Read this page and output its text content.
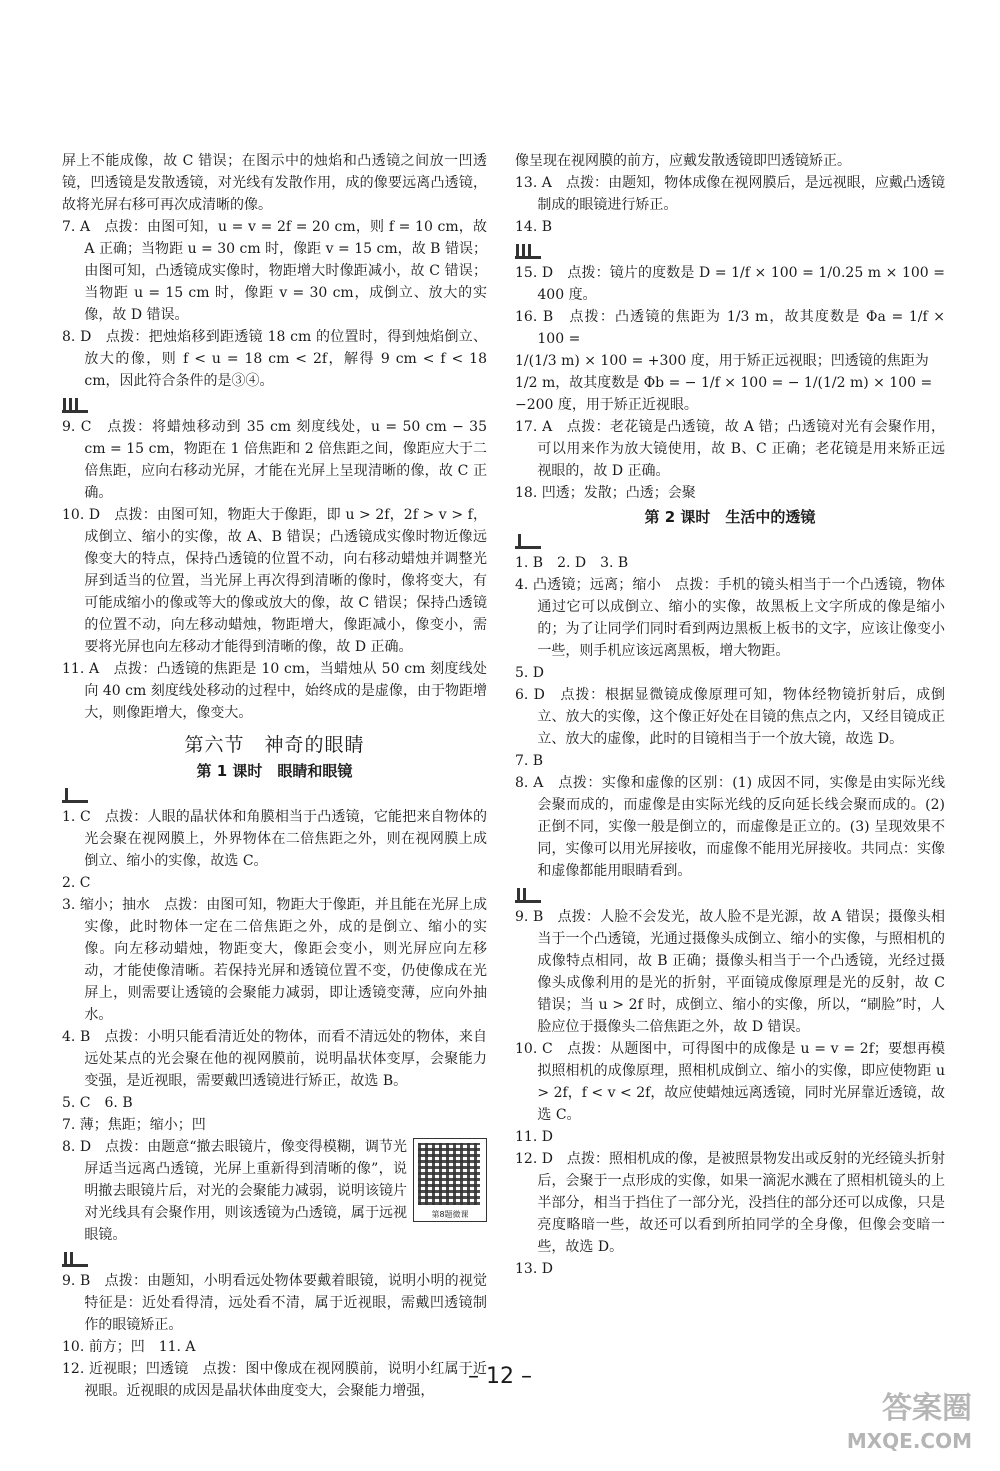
屏上不能成像，故 C 错误；在图示中的烛焰和凸透镜之间放一凹透镜，凹透镜是发散透镜，对光线有发散作用，成的像要远离凸透镜，故将光屏右移可再次成清晰的像。

7. A　点拨：由图可知，u = v = 2f = 20 cm，则 f = 10 cm，故 A 正确；当物距 u = 30 cm 时，像距 v = 15 cm，故 B 错误；由图可知，凸透镜成实像时，物距增大时像距减小，故 C 错误；当物距 u = 15 cm 时，像距 v = 30 cm，成倒立、放大的实像，故 D 错误。

8. D　点拨：把烛焰移到距透镜 18 cm 的位置时，得到烛焰倒立、放大的像，则 f < u = 18 cm < 2f，解得 9 cm < f < 18 cm，因此符合条件的是③④。

9. C　点拨：将蜡烛移动到 35 cm 刻度线处，u = 50 cm − 35 cm = 15 cm，物距在 1 倍焦距和 2 倍焦距之间，像距应大于二倍焦距，应向右移动光屏，才能在光屏上呈现清晰的像，故 C 正确。

10. D　点拨：由图可知，物距大于像距，即 u > 2f，2f > v > f，成倒立、缩小的实像，故 A、B 错误；凸透镜成实像时物近像远像变大的特点，保持凸透镜的位置不动，向右移动蜡烛并调整光屏到适当的位置，当光屏上再次得到清晰的像时，像将变大，有可能成缩小的像或等大的像或放大的像，故 C 错误；保持凸透镜的位置不动，向左移动蜡烛，物距增大，像距减小，像变小，需要将光屏也向左移动才能得到清晰的像，故 D 正确。

11. A　点拨：凸透镜的焦距是 10 cm，当蜡烛从 50 cm 刻度线处向 40 cm 刻度线处移动的过程中，始终成的是虚像，由于物距增大，则像距增大，像变大。

第六节　神奇的眼睛
第 1 课时　眼睛和眼镜

1. C　点拨：人眼的晶状体和角膜相当于凸透镜，它能把来自物体的光会聚在视网膜上，外界物体在二倍焦距之外，则在视网膜上成倒立、缩小的实像，故选 C。

2. C

3. 缩小；抽水　点拨：由图可知，物距大于像距，并且能在光屏上成实像，此时物体一定在二倍焦距之外，成的是倒立、缩小的实像。向左移动蜡烛，物距变大，像距会变小，则光屏应向左移动，才能使像清晰。若保持光屏和透镜位置不变，仍使像成在光屏上，则需要让透镜的会聚能力减弱，即让透镜变薄，应向外抽水。

4. B　点拨：小明只能看清近处的物体，而看不清远处的物体，来自远处某点的光会聚在他的视网膜前，说明晶状体变厚，会聚能力变强，是近视眼，需要戴凹透镜进行矫正，故选 B。

5. C　6. B

7. 薄；焦距；缩小；凹

第8题微课

8. D　点拨：由题意“撤去眼镜片，像变得模糊，调节光屏适当远离凸透镜，光屏上重新得到清晰的像”，说明撤去眼镜片后，对光的会聚能力减弱，说明该镜片对光线具有会聚作用，则该透镜为凸透镜，属于远视眼镜。

9. B　点拨：由题知，小明看远处物体要戴着眼镜，说明小明的视觉特征是：近处看得清，远处看不清，属于近视眼，需戴凹透镜制作的眼镜矫正。

10. 前方；凹　11. A

12. 近视眼；凹透镜　点拨：图中像成在视网膜前，说明小红属于近视眼。近视眼的成因是晶状体曲度变大，会聚能力增强，

像呈现在视网膜的前方，应戴发散透镜即凹透镜矫正。

13. A　点拨：由题知，物体成像在视网膜后，是远视眼，应戴凸透镜制成的眼镜进行矫正。

14. B

15. D　点拨：镜片的度数是 D = 1/f × 100 = 1/0.25 m × 100 = 400 度。

16. B　点拨：凸透镜的焦距为 1/3 m，故其度数是 Φa = 1/f × 100 =

1/(1/3 m) × 100 = +300 度，用于矫正远视眼；凹透镜的焦距为

1/2 m，故其度数是 Φb = − 1/f × 100 = − 1/(1/2 m) × 100 =

−200 度，用于矫正近视眼。

17. A　点拨：老花镜是凸透镜，故 A 错；凸透镜对光有会聚作用，可以用来作为放大镜使用，故 B、C 正确；老花镜是用来矫正远视眼的，故 D 正确。

18. 凹透；发散；凸透；会聚

第 2 课时　生活中的透镜

1. B　2. D　3. B

4. 凸透镜；远离；缩小　点拨：手机的镜头相当于一个凸透镜，物体通过它可以成倒立、缩小的实像，故黑板上文字所成的像是缩小的；为了让同学们同时看到两边黑板上板书的文字，应该让像变小一些，则手机应该远离黑板，增大物距。

5. D

6. D　点拨：根据显微镜成像原理可知，物体经物镜折射后，成倒立、放大的实像，这个像正好处在目镜的焦点之内，又经目镜成正立、放大的虚像，此时的目镜相当于一个放大镜，故选 D。

7. B

8. A　点拨：实像和虚像的区别：(1) 成因不同，实像是由实际光线会聚而成的，而虚像是由实际光线的反向延长线会聚而成的。(2) 正倒不同，实像一般是倒立的，而虚像是正立的。(3) 呈现效果不同，实像可以用光屏接收，而虚像不能用光屏接收。共同点：实像和虚像都能用眼睛看到。

9. B　点拨：人脸不会发光，故人脸不是光源，故 A 错误；摄像头相当于一个凸透镜，光通过摄像头成倒立、缩小的实像，与照相机的成像特点相同，故 B 正确；摄像头相当于一个凸透镜，光经过摄像头成像利用的是光的折射，平面镜成像原理是光的反射，故 C 错误；当 u > 2f 时，成倒立、缩小的实像，所以，“刷脸”时，人脸应位于摄像头二倍焦距之外，故 D 错误。

10. C　点拨：从题图中，可得图中的成像是 u = v = 2f；要想再模拟照相机的成像原理，照相机成倒立、缩小的实像，即应使物距 u > 2f，f < v < 2f，故应使蜡烛远离透镜，同时光屏靠近透镜，故选 C。

11. D

12. D　点拨：照相机成的像，是被照景物发出或反射的光经镜头折射后，会聚于一点形成的实像，如果一滴泥水溅在了照相机镜头的上半部分，相当于挡住了一部分光，没挡住的部分还可以成像，只是亮度略暗一些，故还可以看到所拍同学的全身像，但像会变暗一些，故选 D。

13. D

– 12 –
答案圈
MXQE.COM
